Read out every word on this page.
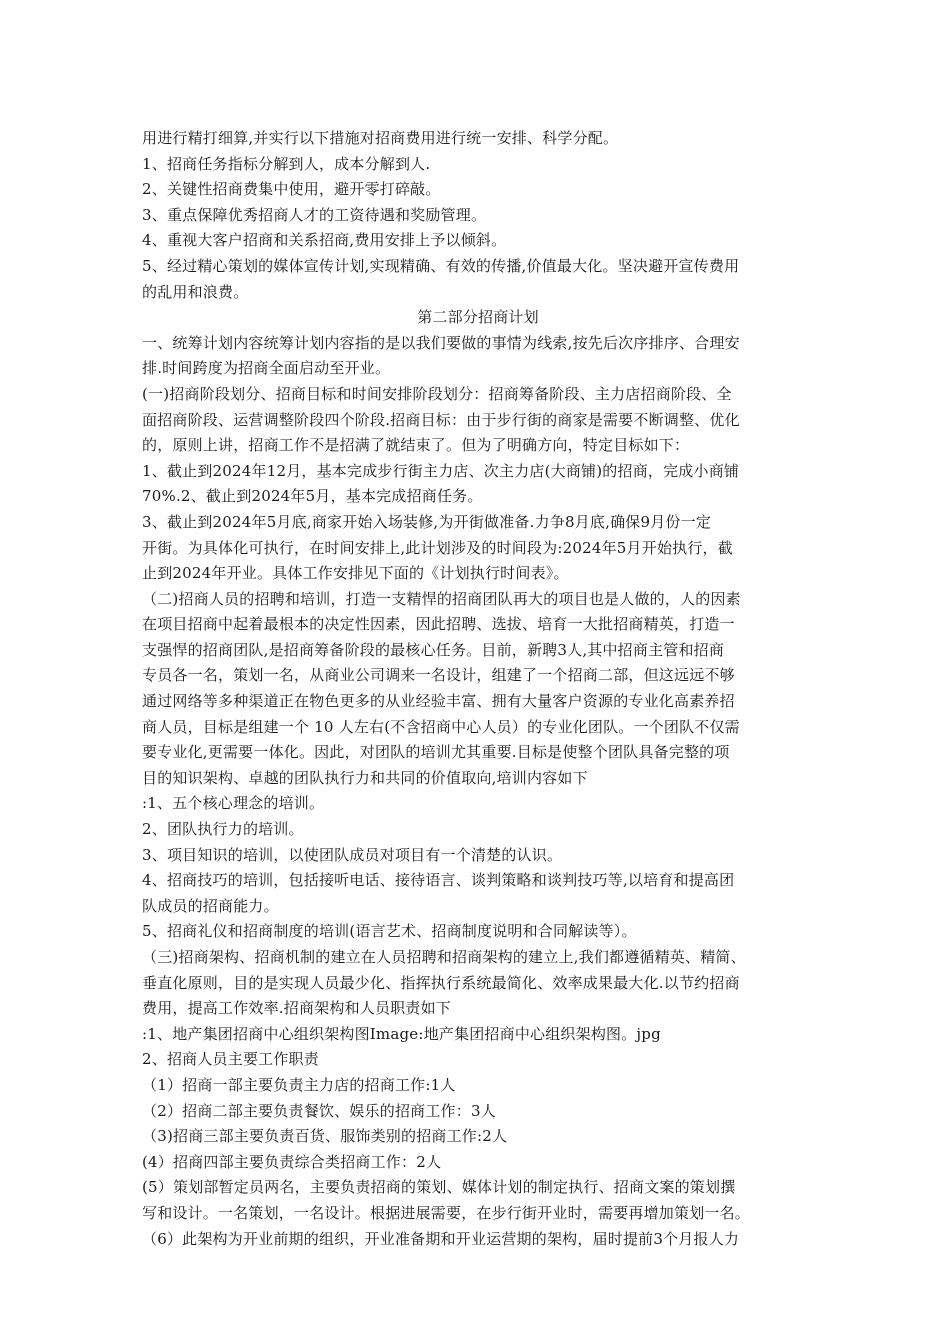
用进行精打细算,并实行以下措施对招商费用进行统一安排、科学分配。

1、招商任务指标分解到人，成本分解到人.

2、关键性招商费集中使用，避开零打碎敲。

3、重点保障优秀招商人才的工资待遇和奖励管理。

4、重视大客户招商和关系招商,费用安排上予以倾斜。

5、经过精心策划的媒体宣传计划,实现精确、有效的传播,价值最大化。坚决避开宣传费用

的乱用和浪费。

第二部分招商计划

一、统筹计划内容统筹计划内容指的是以我们要做的事情为线索,按先后次序排序、合理安

排.时间跨度为招商全面启动至开业。

(一)招商阶段划分、招商目标和时间安排阶段划分：招商筹备阶段、主力店招商阶段、全

面招商阶段、运营调整阶段四个阶段.招商目标：由于步行街的商家是需要不断调整、优化

的，原则上讲，招商工作不是招满了就结束了。但为了明确方向，特定目标如下：

1、截止到2024年12月，基本完成步行街主力店、次主力店(大商铺)的招商，完成小商铺

70%.2、截止到2024年5月，基本完成招商任务。

3、截止到2024年5月底,商家开始入场装修,为开街做准备.力争8月底,确保9月份一定

开街。为具体化可执行，在时间安排上,此计划涉及的时间段为:2024年5月开始执行，截

止到2024年开业。具体工作安排见下面的《计划执行时间表》。

（二)招商人员的招聘和培训，打造一支精悍的招商团队再大的项目也是人做的，人的因素

在项目招商中起着最根本的决定性因素，因此招聘、选拔、培育一大批招商精英，打造一

支强悍的招商团队,是招商筹备阶段的最核心任务。目前，新聘3人,其中招商主管和招商

专员各一名，策划一名，从商业公司调来一名设计，组建了一个招商二部，但这远远不够

通过网络等多种渠道正在物色更多的从业经验丰富、拥有大量客户资源的专业化高素养招

商人员，目标是组建一个 10 人左右(不含招商中心人员）的专业化团队。一个团队不仅需

要专业化,更需要一体化。因此，对团队的培训尤其重要.目标是使整个团队具备完整的项

目的知识架构、卓越的团队执行力和共同的价值取向,培训内容如下

:1、五个核心理念的培训。

2、团队执行力的培训。

3、项目知识的培训，以使团队成员对项目有一个清楚的认识。

4、招商技巧的培训，包括接听电话、接待语言、谈判策略和谈判技巧等,以培育和提高团

队成员的招商能力。

5、招商礼仪和招商制度的培训(语言艺术、招商制度说明和合同解读等）。

（三)招商架构、招商机制的建立在人员招聘和招商架构的建立上,我们都遵循精英、精简、

垂直化原则，目的是实现人员最少化、指挥执行系统最简化、效率成果最大化.以节约招商

费用，提高工作效率.招商架构和人员职责如下

:1、地产集团招商中心组织架构图Image:地产集团招商中心组织架构图。jpg

2、招商人员主要工作职责

（1）招商一部主要负责主力店的招商工作:1人

（2）招商二部主要负责餐饮、娱乐的招商工作：3人

（3)招商三部主要负责百货、服饰类别的招商工作:2人

(4）招商四部主要负责综合类招商工作：2人

(5）策划部暂定员两名，主要负责招商的策划、媒体计划的制定执行、招商文案的策划撰

写和设计。一名策划，一名设计。根据进展需要，在步行街开业时，需要再增加策划一名。

（6）此架构为开业前期的组织，开业准备期和开业运营期的架构，届时提前3个月报人力
